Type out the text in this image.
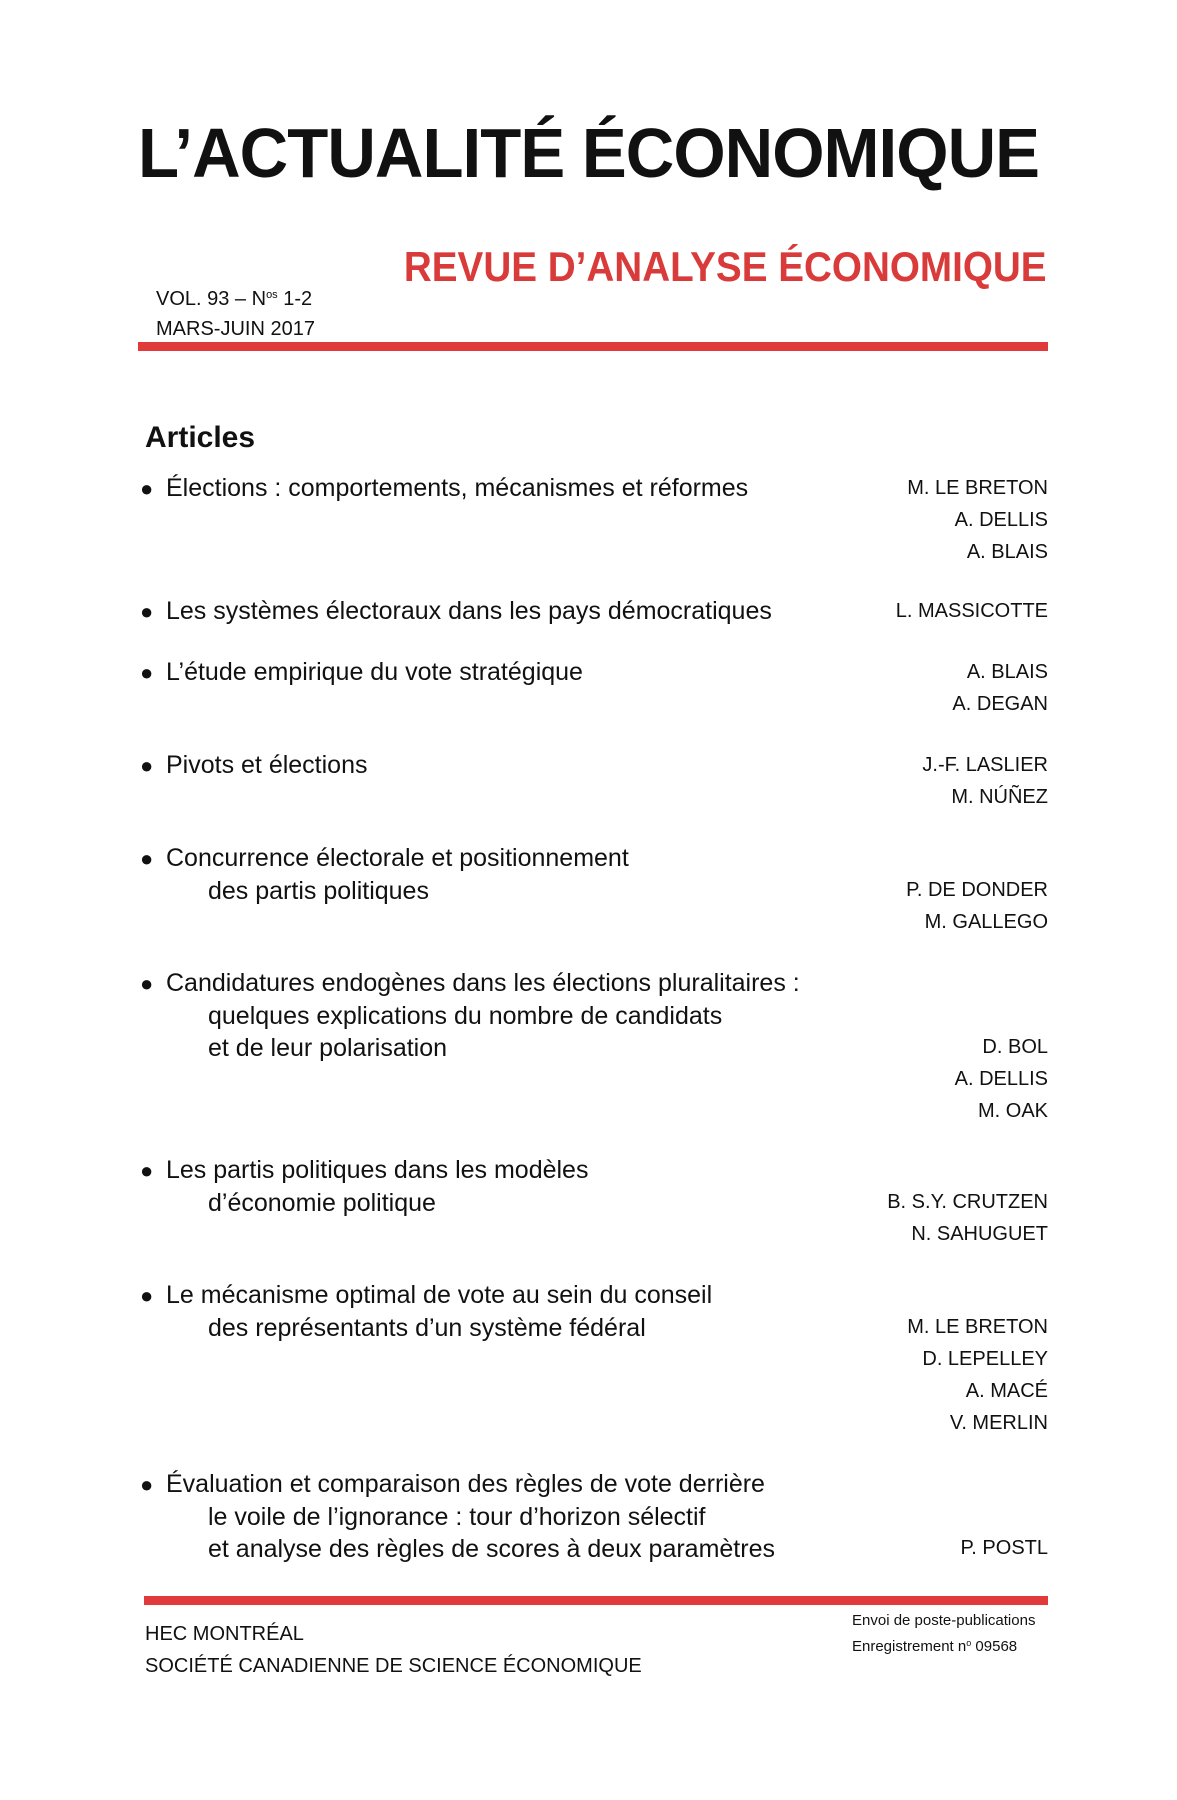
L’ACTUALITÉ ÉCONOMIQUE
REVUE D’ANALYSE ÉCONOMIQUE
VOL. $93 - N^{os}$ 1-2
MARS-JUIN 2017
Articles
● Élections : comportements, mécanismes et réformes	M. LE BRETON
A. DELLIS
A. BLAIS
● Les systèmes électoraux dans les pays démocratiques	L. MASSICOTTE
● L’étude empirique du vote stratégique	A. BLAIS
A. DEGAN
● Pivots et élections	J.-F. LASLIER
M. NÚÑEZ
● Concurrence électorale et positionnement
des partis politiques	P. DE DONDER
M. GALLEGO
● Candidatures endogènes dans les élections pluralitaires :
quelques explications du nombre de candidats
et de leur polarisation	D. BOL
A. DELLIS
M. OAK
● Les partis politiques dans les modèles
d’économie politique	B. S.Y. CRUTZEN
N. SAHUGUET
● Le mécanisme optimal de vote au sein du conseil
des représentants d’un système fédéral	M. LE BRETON
D. LEPELLEY
A. MACÉ
V. MERLIN
● Évaluation et comparaison des règles de vote derrière
le voile de l’ignorance : tour d’horizon sélectif
et analyse des règles de scores à deux paramètres	P. POSTL
HEC MONTRÉAL
SOCIÉTÉ CANADIENNE DE SCIENCE ÉCONOMIQUE
Envoi de poste-publications
Enregistrement $n^o$ 09568
